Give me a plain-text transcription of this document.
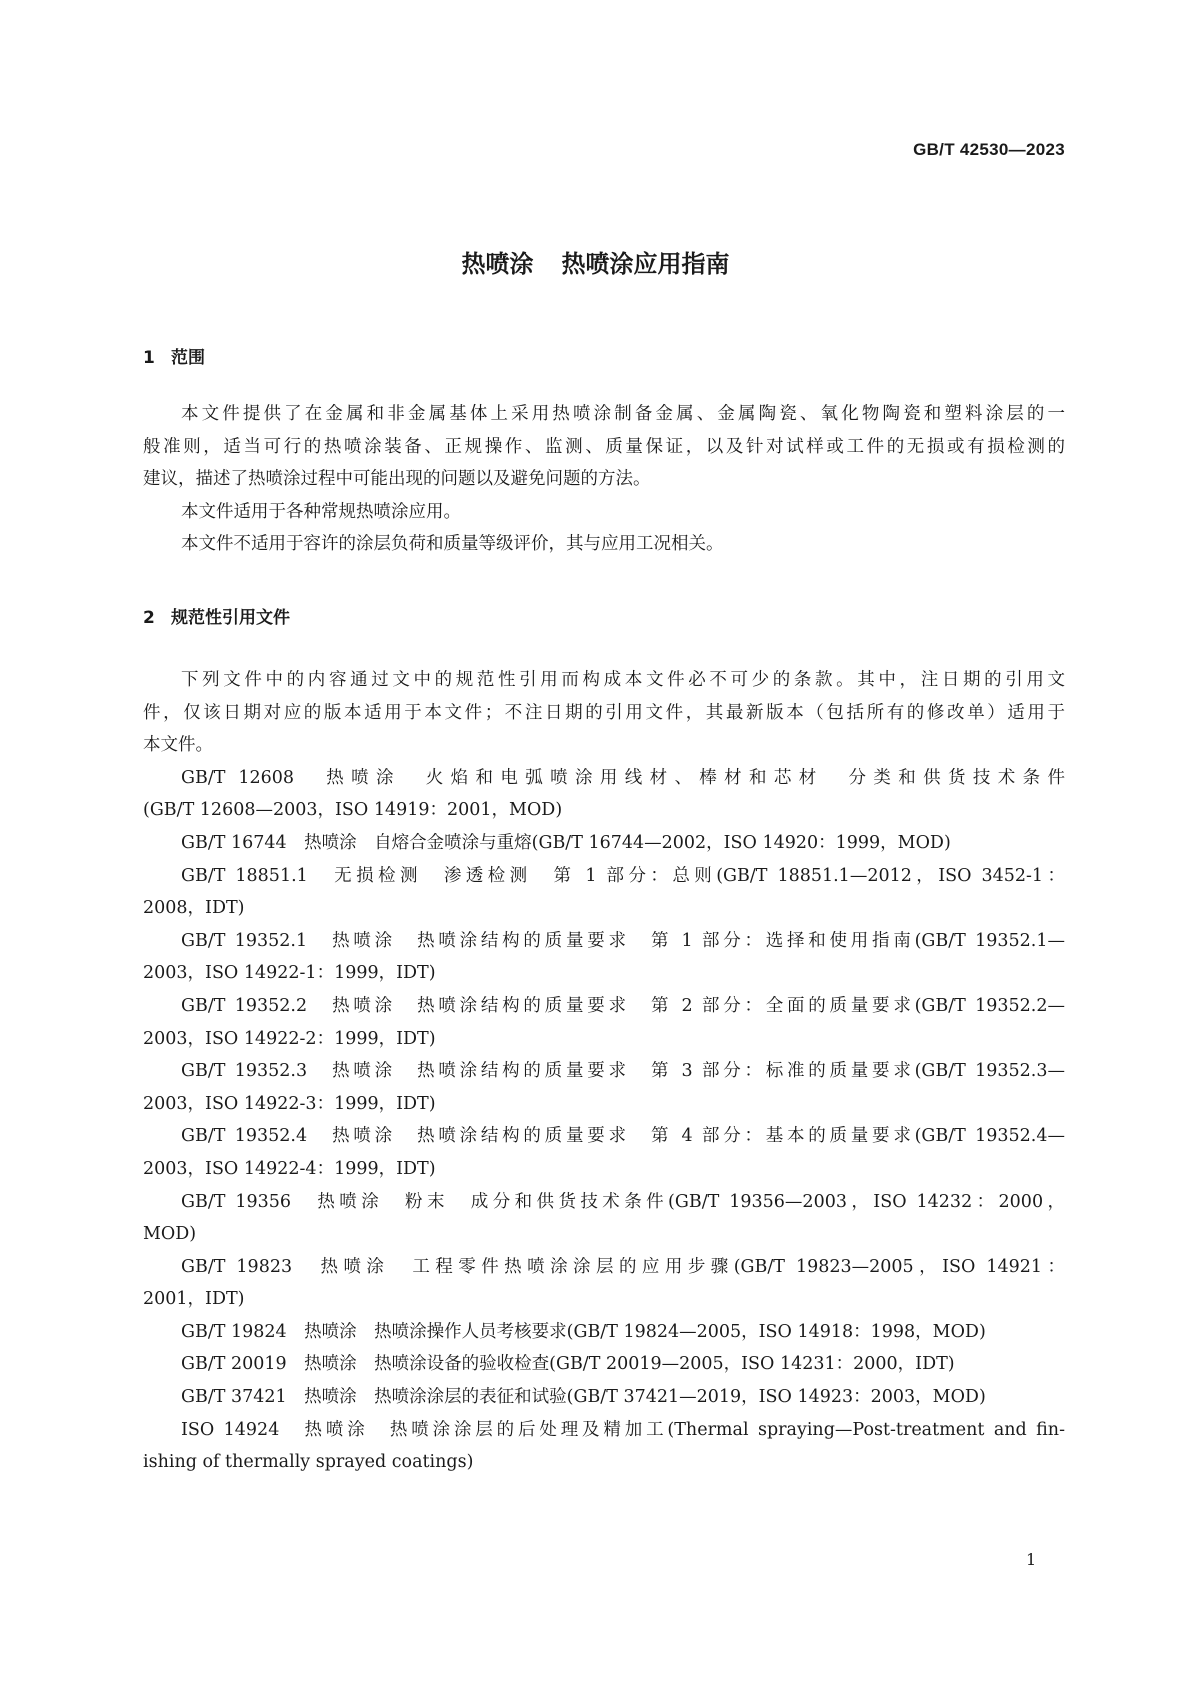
GB/T 42530—2023
热喷涂 热喷涂应用指南
1 范围
本文件提供了在金属和非金属基体上采用热喷涂制备金属、金属陶瓷、氧化物陶瓷和塑料涂层的一
般准则，适当可行的热喷涂装备、正规操作、监测、质量保证，以及针对试样或工件的无损或有损检测的
建议，描述了热喷涂过程中可能出现的问题以及避免问题的方法。
本文件适用于各种常规热喷涂应用。
本文件不适用于容许的涂层负荷和质量等级评价，其与应用工况相关。
2 规范性引用文件
下列文件中的内容通过文中的规范性引用而构成本文件必不可少的条款。其中，注日期的引用文
件，仅该日期对应的版本适用于本文件；不注日期的引用文件，其最新版本（包括所有的修改单）适用于
本文件。
GB/T 12608　热喷涂　火焰和电弧喷涂用线材、棒材和芯材　分类和供货技术条件
(GB/T 12608—2003，ISO 14919：2001，MOD)
GB/T 16744　热喷涂　自熔合金喷涂与重熔(GB/T 16744—2002，ISO 14920：1999，MOD)
GB/T 18851.1　无损检测　渗透检测　第 1 部分：总则(GB/T 18851.1—2012，ISO 3452-1：
2008，IDT)
GB/T 19352.1　热喷涂　热喷涂结构的质量要求　第 1 部分：选择和使用指南(GB/T 19352.1—
2003，ISO 14922-1：1999，IDT)
GB/T 19352.2　热喷涂　热喷涂结构的质量要求　第 2 部分：全面的质量要求(GB/T 19352.2—
2003，ISO 14922-2：1999，IDT)
GB/T 19352.3　热喷涂　热喷涂结构的质量要求　第 3 部分：标准的质量要求(GB/T 19352.3—
2003，ISO 14922-3：1999，IDT)
GB/T 19352.4　热喷涂　热喷涂结构的质量要求　第 4 部分：基本的质量要求(GB/T 19352.4—
2003，ISO 14922-4：1999，IDT)
GB/T 19356　热喷涂　粉末　成分和供货技术条件(GB/T 19356—2003，ISO 14232：2000，
MOD)
GB/T 19823　热喷涂　工程零件热喷涂涂层的应用步骤(GB/T 19823—2005，ISO 14921：
2001，IDT)
GB/T 19824　热喷涂　热喷涂操作人员考核要求(GB/T 19824—2005，ISO 14918：1998，MOD)
GB/T 20019　热喷涂　热喷涂设备的验收检查(GB/T 20019—2005，ISO 14231：2000，IDT)
GB/T 37421　热喷涂　热喷涂涂层的表征和试验(GB/T 37421—2019，ISO 14923：2003，MOD)
ISO 14924　热喷涂　热喷涂涂层的后处理及精加工(Thermal spraying—Post-treatment and fin-
ishing of thermally sprayed coatings)
1
